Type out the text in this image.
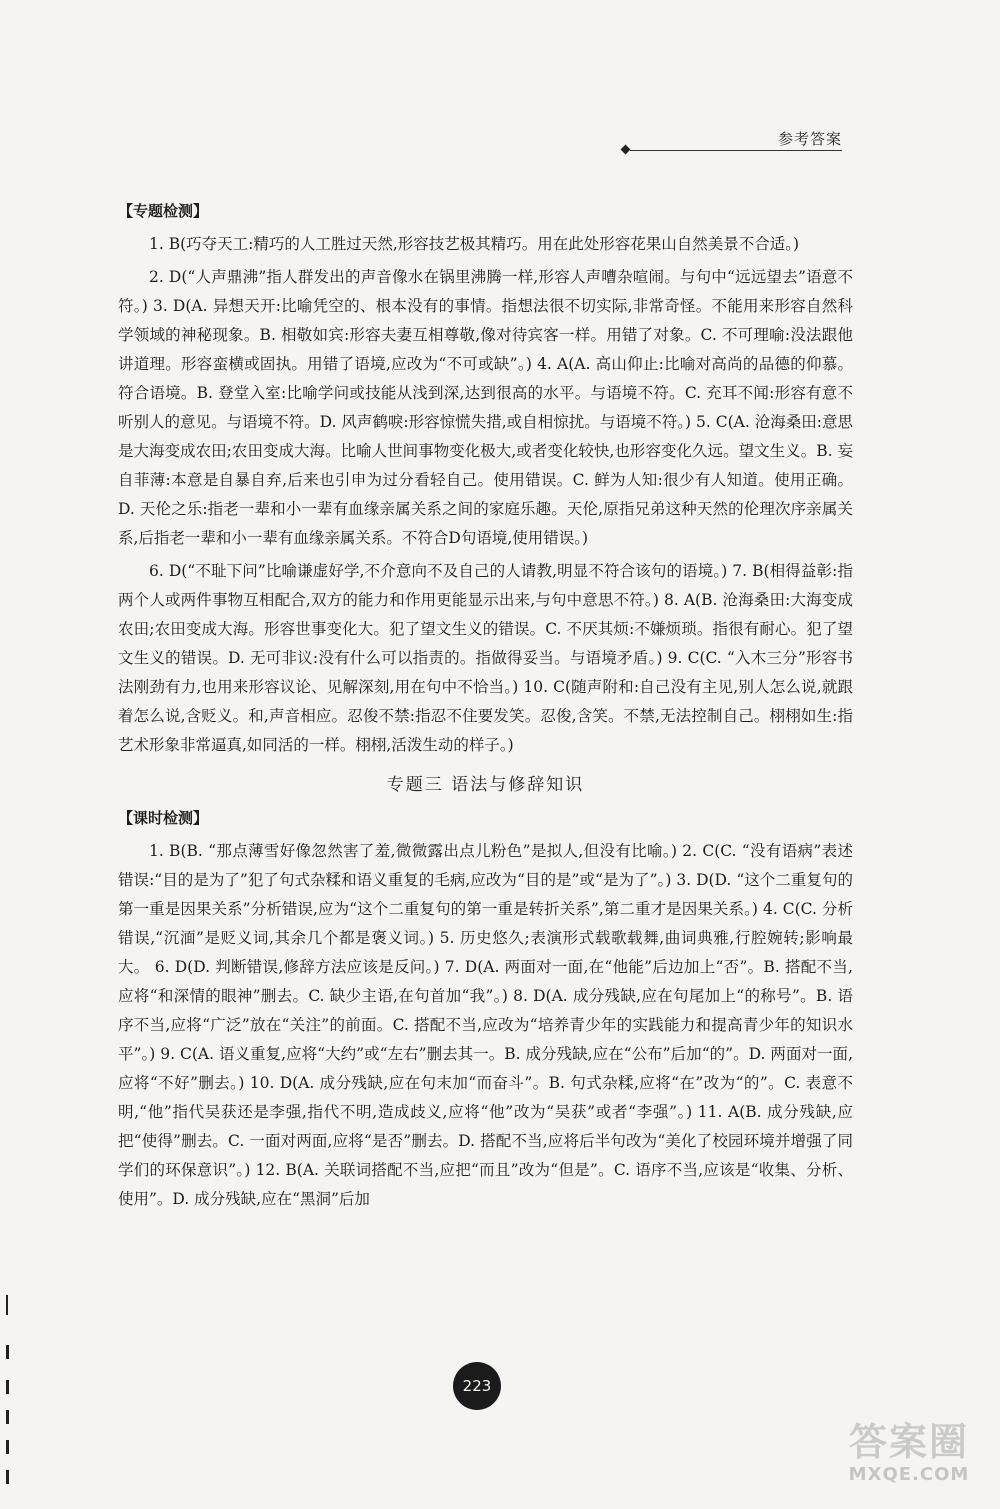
参考答案
【专题检测】

1. B(巧夺天工:精巧的人工胜过天然,形容技艺极其精巧。用在此处形容花果山自然美景不合适。)

2. D(“人声鼎沸”指人群发出的声音像水在锅里沸腾一样,形容人声嘈杂喧闹。与句中“远远望去”语意不符。) 3. D(A. 异想天开:比喻凭空的、根本没有的事情。指想法很不切实际,非常奇怪。不能用来形容自然科学领域的神秘现象。B. 相敬如宾:形容夫妻互相尊敬,像对待宾客一样。用错了对象。C. 不可理喻:没法跟他讲道理。形容蛮横或固执。用错了语境,应改为“不可或缺”。) 4. A(A. 高山仰止:比喻对高尚的品德的仰慕。符合语境。B. 登堂入室:比喻学问或技能从浅到深,达到很高的水平。与语境不符。C. 充耳不闻:形容有意不听别人的意见。与语境不符。D. 风声鹤唳:形容惊慌失措,或自相惊扰。与语境不符。) 5. C(A. 沧海桑田:意思是大海变成农田;农田变成大海。比喻人世间事物变化极大,或者变化较快,也形容变化久远。望文生义。B. 妄自菲薄:本意是自暴自弃,后来也引申为过分看轻自己。使用错误。C. 鲜为人知:很少有人知道。使用正确。D. 天伦之乐:指老一辈和小一辈有血缘亲属关系之间的家庭乐趣。天伦,原指兄弟这种天然的伦理次序亲属关系,后指老一辈和小一辈有血缘亲属关系。不符合D句语境,使用错误。)

6. D(“不耻下问”比喻谦虚好学,不介意向不及自己的人请教,明显不符合该句的语境。) 7. B(相得益彰:指两个人或两件事物互相配合,双方的能力和作用更能显示出来,与句中意思不符。) 8. A(B. 沧海桑田:大海变成农田;农田变成大海。形容世事变化大。犯了望文生义的错误。C. 不厌其烦:不嫌烦琐。指很有耐心。犯了望文生义的错误。D. 无可非议:没有什么可以指责的。指做得妥当。与语境矛盾。) 9. C(C. “入木三分”形容书法刚劲有力,也用来形容议论、见解深刻,用在句中不恰当。) 10. C(随声附和:自己没有主见,别人怎么说,就跟着怎么说,含贬义。和,声音相应。忍俊不禁:指忍不住要发笑。忍俊,含笑。不禁,无法控制自己。栩栩如生:指艺术形象非常逼真,如同活的一样。栩栩,活泼生动的样子。)

专题三 语法与修辞知识
【课时检测】

1. B(B. “那点薄雪好像忽然害了羞,微微露出点儿粉色”是拟人,但没有比喻。) 2. C(C. “没有语病”表述错误:“目的是为了”犯了句式杂糅和语义重复的毛病,应改为“目的是”或“是为了”。) 3. D(D. “这个二重复句的第一重是因果关系”分析错误,应为“这个二重复句的第一重是转折关系”,第二重才是因果关系。) 4. C(C. 分析错误,“沉湎”是贬义词,其余几个都是褒义词。) 5. 历史悠久;表演形式载歌载舞,曲词典雅,行腔婉转;影响最大。 6. D(D. 判断错误,修辞方法应该是反问。) 7. D(A. 两面对一面,在“他能”后边加上“否”。B. 搭配不当,应将“和深情的眼神”删去。C. 缺少主语,在句首加“我”。) 8. D(A. 成分残缺,应在句尾加上“的称号”。B. 语序不当,应将“广泛”放在“关注”的前面。C. 搭配不当,应改为“培养青少年的实践能力和提高青少年的知识水平”。) 9. C(A. 语义重复,应将“大约”或“左右”删去其一。B. 成分残缺,应在“公布”后加“的”。D. 两面对一面,应将“不好”删去。) 10. D(A. 成分残缺,应在句末加“而奋斗”。B. 句式杂糅,应将“在”改为“的”。C. 表意不明,“他”指代吴获还是李强,指代不明,造成歧义,应将“他”改为“吴获”或者“李强”。) 11. A(B. 成分残缺,应把“使得”删去。C. 一面对两面,应将“是否”删去。D. 搭配不当,应将后半句改为“美化了校园环境并增强了同学们的环保意识”。) 12. B(A. 关联词搭配不当,应把“而且”改为“但是”。C. 语序不当,应该是“收集、分析、使用”。D. 成分残缺,应在“黑洞”后加

223
答案圈
MXQE.COM
